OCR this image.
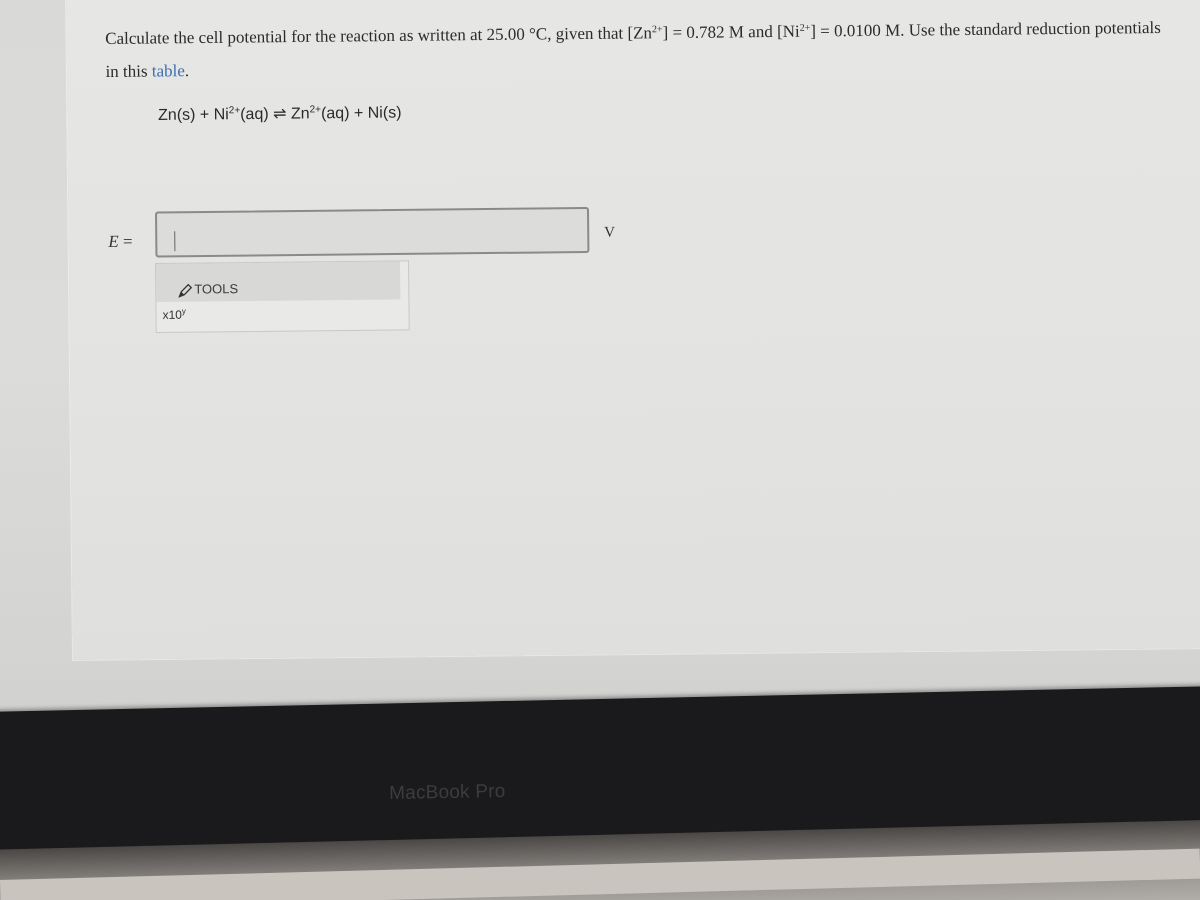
Calculate the cell potential for the reaction as written at 25.00 °C, given that $[Zn^{2+}] = 0.782$ M and $[Ni^{2+}] = 0.0100$ M. Use the standard reduction potentials in this table.
$Zn(s) + Ni^{2+}(aq)$ ⇌ $Zn^{2+}(aq) + Ni(s)$
E =	V
TOOLS
x10$^y$
MacBook Pro
